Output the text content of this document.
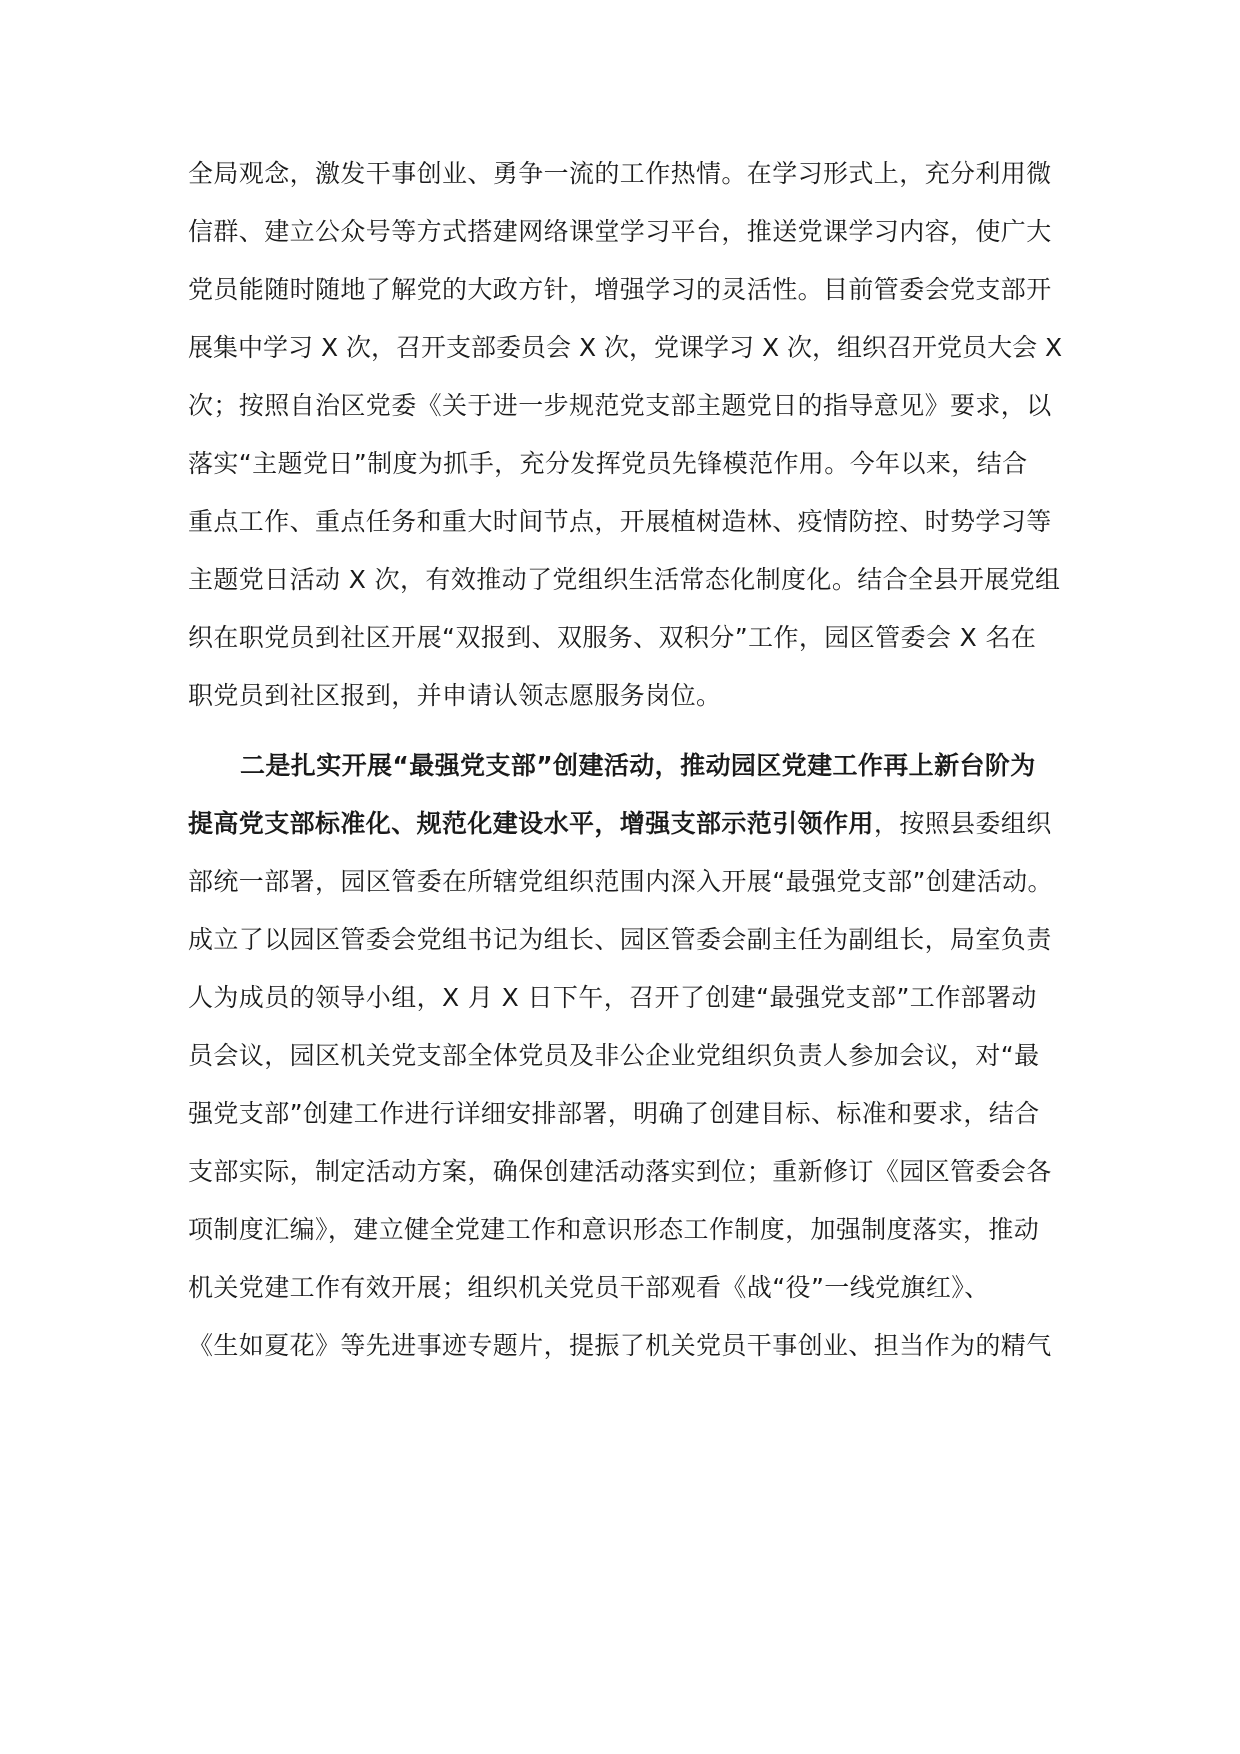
全局观念，激发干事创业、勇争一流的工作热情。在学习形式上，充分利用微
信群、建立公众号等方式搭建网络课堂学习平台，推送党课学习内容，使广大
党员能随时随地了解党的大政方针，增强学习的灵活性。目前管委会党支部开
展集中学习 X 次，召开支部委员会 X 次，党课学习 X 次，组织召开党员大会 X
次；按照自治区党委《关于进一步规范党支部主题党日的指导意见》要求，以
落实“主题党日”制度为抓手，充分发挥党员先锋模范作用。今年以来，结合
重点工作、重点任务和重大时间节点，开展植树造林、疫情防控、时势学习等
主题党日活动 X 次，有效推动了党组织生活常态化制度化。结合全县开展党组
织在职党员到社区开展“双报到、双服务、双积分”工作，园区管委会 X 名在
职党员到社区报到，并申请认领志愿服务岗位。
二是扎实开展“最强党支部”创建活动，推动园区党建工作再上新台阶为
提高党支部标准化、规范化建设水平，增强支部示范引领作用，按照县委组织
部统一部署，园区管委在所辖党组织范围内深入开展“最强党支部”创建活动。
成立了以园区管委会党组书记为组长、园区管委会副主任为副组长，局室负责
人为成员的领导小组，X 月 X 日下午，召开了创建“最强党支部”工作部署动
员会议，园区机关党支部全体党员及非公企业党组织负责人参加会议，对“最
强党支部”创建工作进行详细安排部署，明确了创建目标、标准和要求，结合
支部实际，制定活动方案，确保创建活动落实到位；重新修订《园区管委会各
项制度汇编》，建立健全党建工作和意识形态工作制度，加强制度落实，推动
机关党建工作有效开展；组织机关党员干部观看《战“役”一线党旗红》、
《生如夏花》等先进事迹专题片，提振了机关党员干事创业、担当作为的精气
